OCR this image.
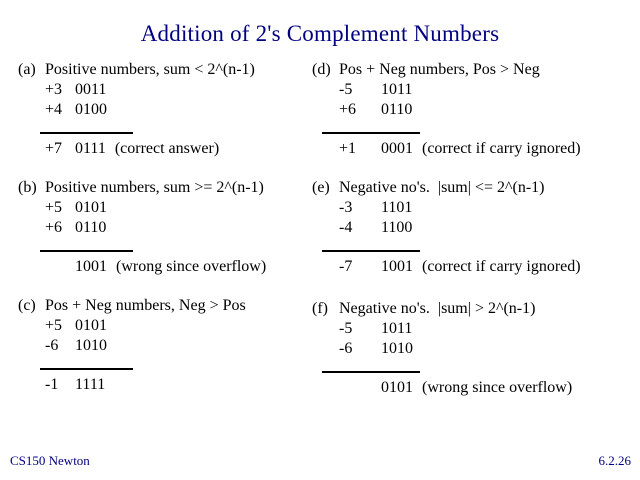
Addition of 2's Complement Numbers
(a) Positive numbers, sum < 2^(n-1)
+3 0011
+4 0100
+7 0111 (correct answer)
(d) Pos + Neg numbers, Pos > Neg
-5 1011
+6 0110
+1 0001 (correct if carry ignored)
(b) Positive numbers, sum >= 2^(n-1)
+5 0101
+6 0110
1001 (wrong since overflow)
(e) Negative no's.  |sum| <= 2^(n-1)
-3 1101
-4 1100
-7 1001 (correct if carry ignored)
(c) Pos + Neg numbers, Neg > Pos
+5 0101
-6 1010
-1 1111
(f) Negative no's.  |sum| > 2^(n-1)
-5 1011
-6 1010
0101 (wrong since overflow)
CS150 Newton	6.2.26
